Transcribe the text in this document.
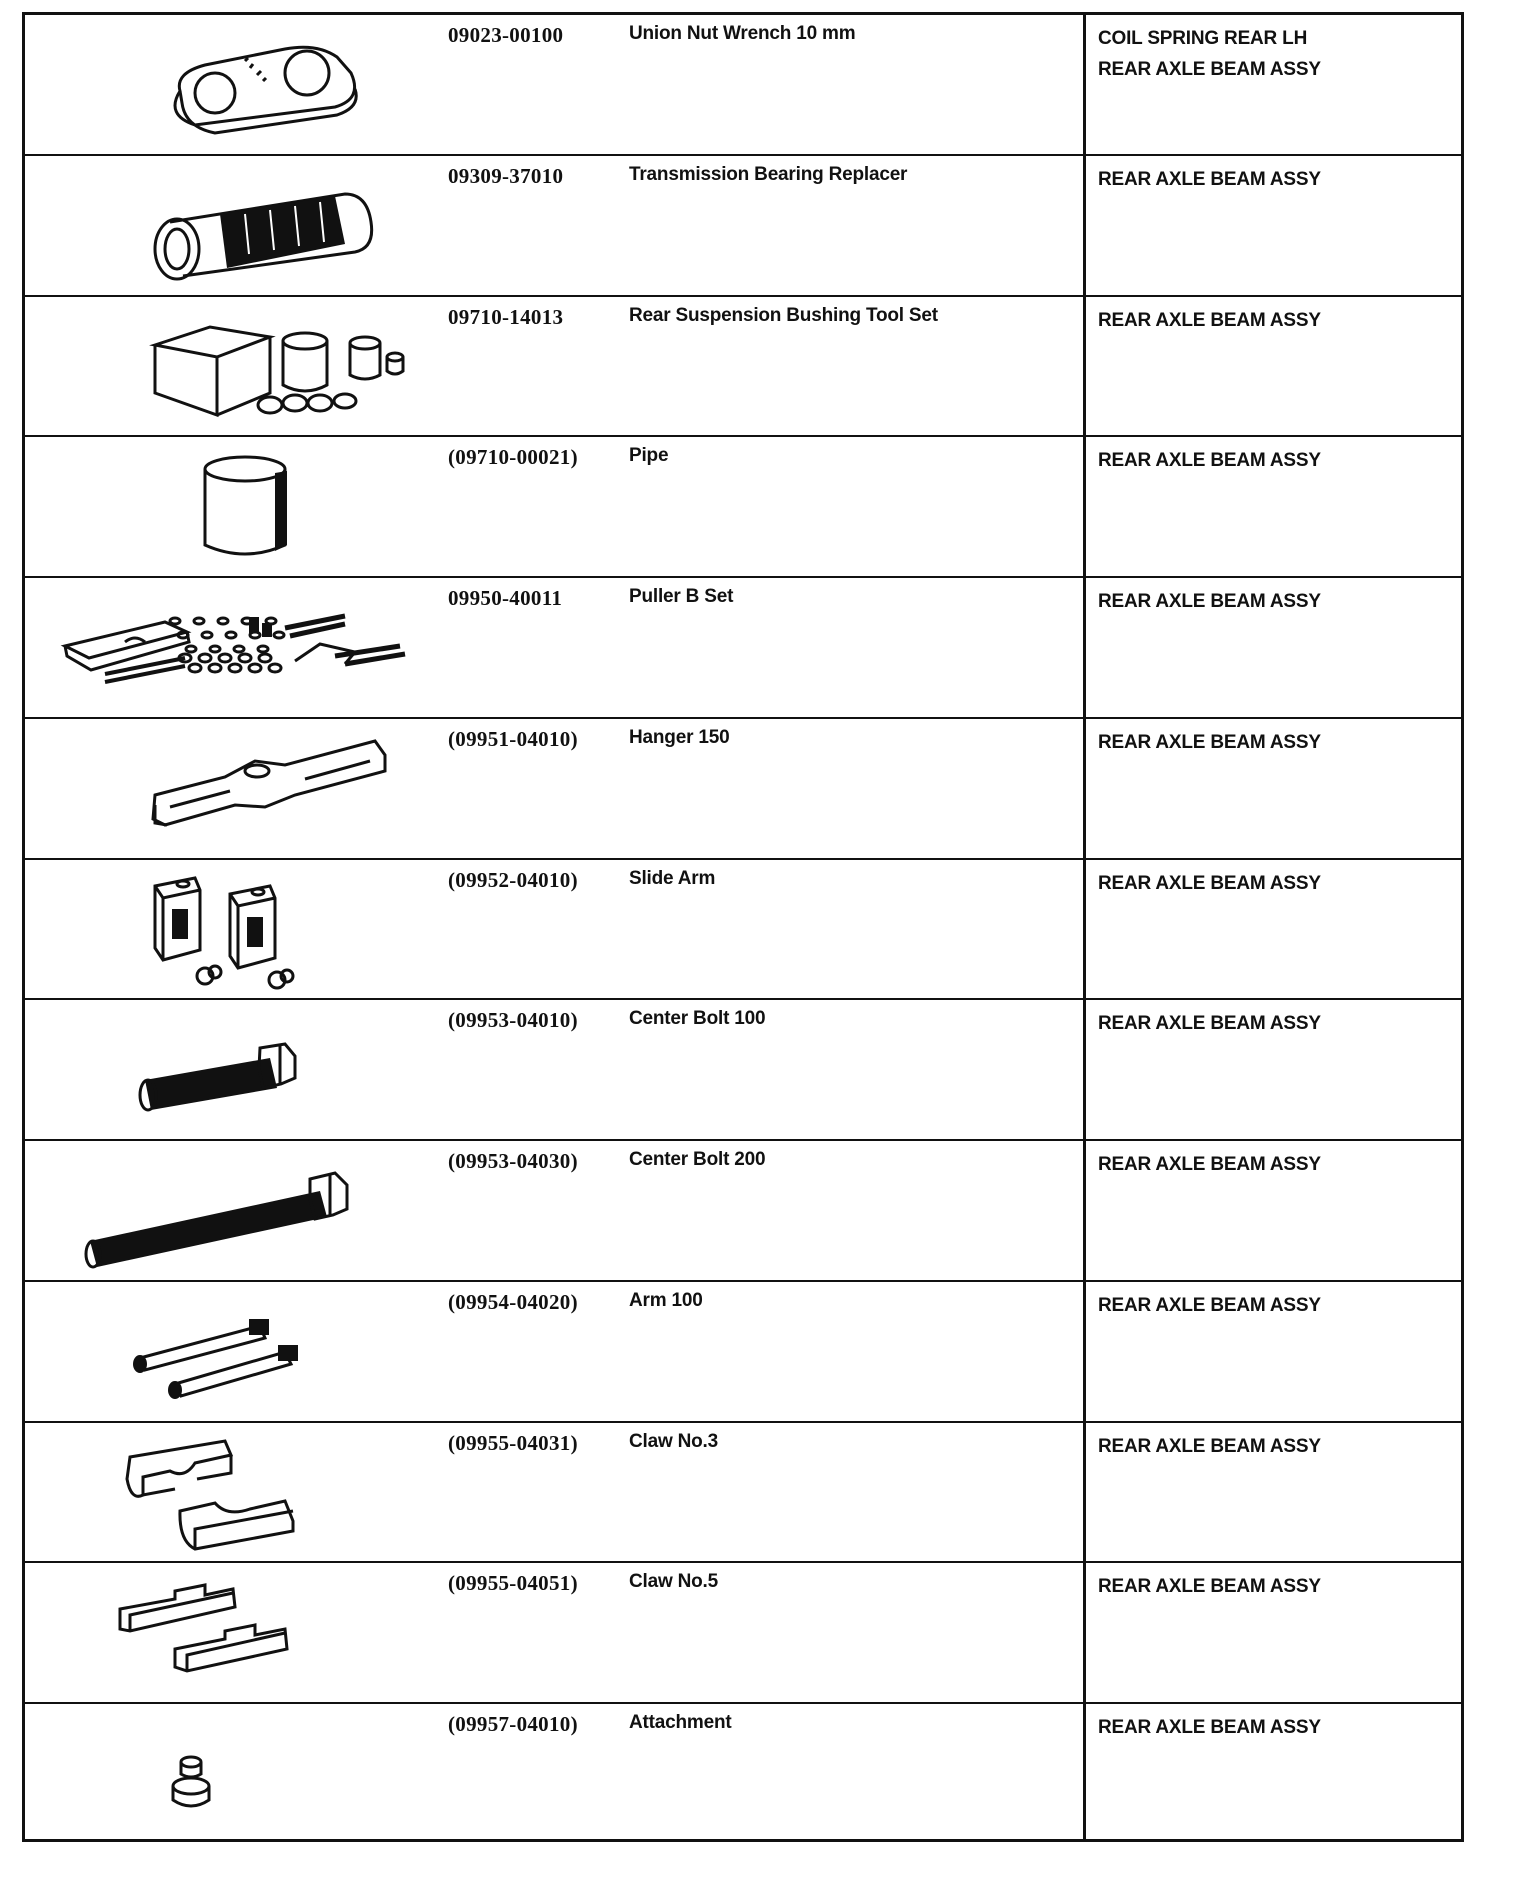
09023-00100	Union Nut Wrench 10 mm	COIL SPRING REAR LH
REAR AXLE BEAM ASSY
09309-37010	Transmission Bearing Replacer	REAR AXLE BEAM ASSY
09710-14013	Rear Suspension Bushing Tool Set	REAR AXLE BEAM ASSY
(09710-00021)	Pipe	REAR AXLE BEAM ASSY
09950-40011	Puller B Set	REAR AXLE BEAM ASSY
(09951-04010)	Hanger 150	REAR AXLE BEAM ASSY
(09952-04010)	Slide Arm	REAR AXLE BEAM ASSY
(09953-04010)	Center Bolt 100	REAR AXLE BEAM ASSY
(09953-04030)	Center Bolt 200	REAR AXLE BEAM ASSY
(09954-04020)	Arm 100	REAR AXLE BEAM ASSY
(09955-04031)	Claw No.3	REAR AXLE BEAM ASSY
(09955-04051)	Claw No.5	REAR AXLE BEAM ASSY
(09957-04010)	Attachment	REAR AXLE BEAM ASSY
